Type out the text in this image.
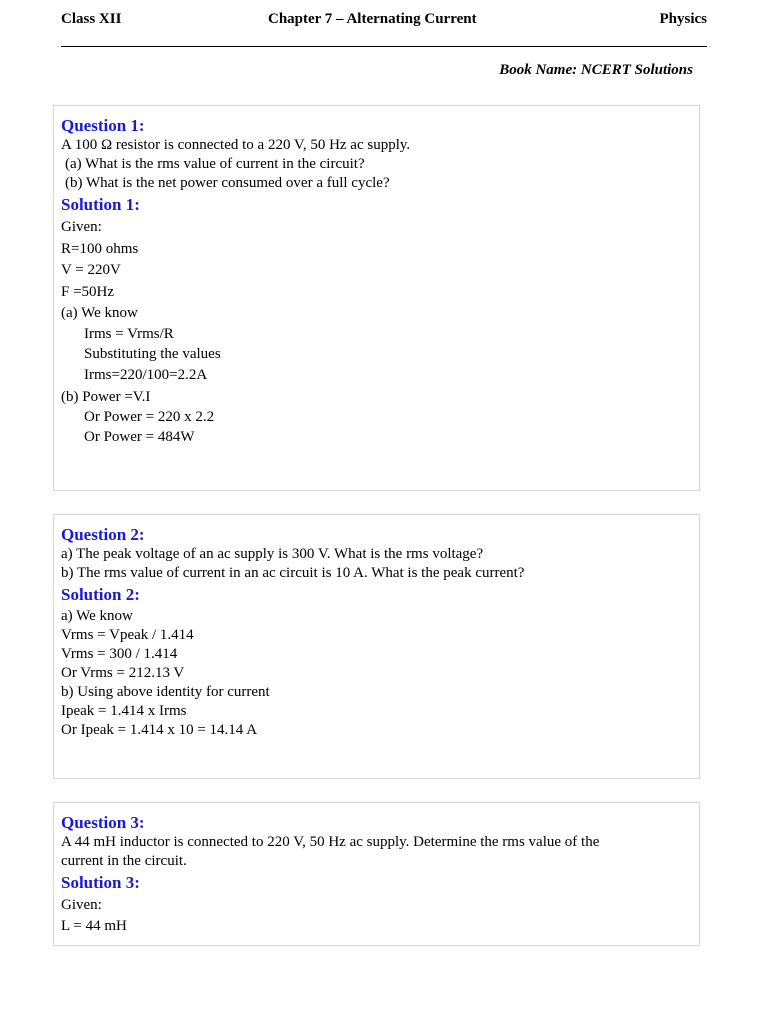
Class XII	Chapter 7 – Alternating Current	Physics
Book Name: NCERT Solutions
Question 1:
A 100 Ω resistor is connected to a 220 V, 50 Hz ac supply.
(a) What is the rms value of current in the circuit?
(b) What is the net power consumed over a full cycle?
Solution 1:
Given:
R=100 ohms
V = 220V
F =50Hz
(a) We know
Irms = Vrms/R
Substituting the values
Irms=220/100=2.2A
(b) Power =V.I
Or Power = 220 x 2.2
Or Power = 484W
Question 2:
a) The peak voltage of an ac supply is 300 V. What is the rms voltage?
b) The rms value of current in an ac circuit is 10 A. What is the peak current?
Solution 2:
a) We know
Vrms = Vpeak / 1.414
Vrms = 300 / 1.414
Or Vrms = 212.13 V
b) Using above identity for current
Ipeak = 1.414 x Irms
Or Ipeak = 1.414 x 10 = 14.14 A
Question 3:
A 44 mH inductor is connected to 220 V, 50 Hz ac supply. Determine the rms value of the
current in the circuit.
Solution 3:
Given:
L = 44 mH
